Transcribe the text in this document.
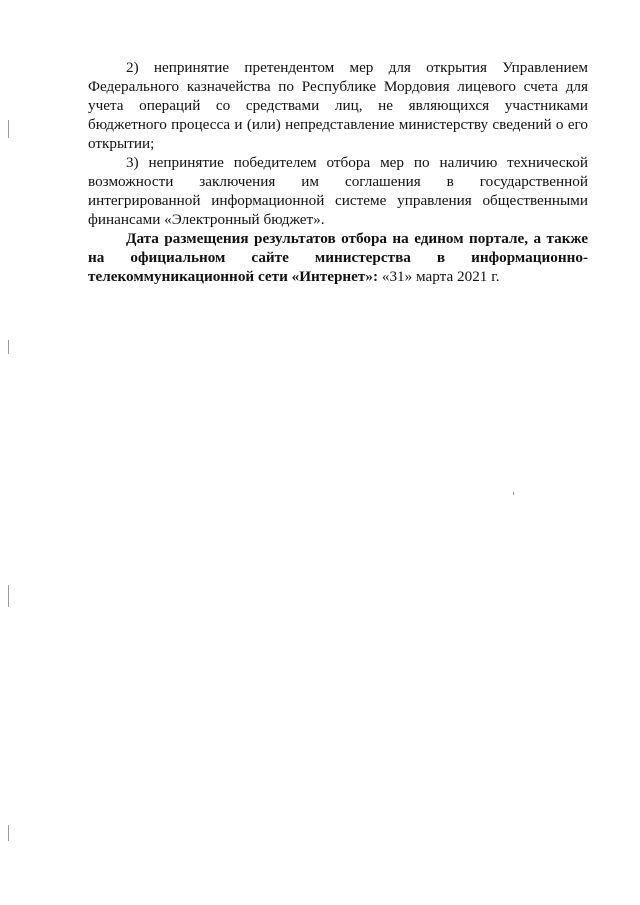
2) непринятие претендентом мер для открытия Управлением Федерального казначейства по Республике Мордовия лицевого счета для учета операций со средствами лиц, не являющихся участниками бюджетного процесса и (или) непредставление министерству сведений о его открытии;

3) непринятие победителем отбора мер по наличию технической возможности заключения им соглашения в государственной интегрированной информационной системе управления общественными финансами «Электронный бюджет».

Дата размещения результатов отбора на едином портале, а также на официальном сайте министерства в информационно-телекоммуникационной сети «Интернет»: «31» марта 2021 г.
